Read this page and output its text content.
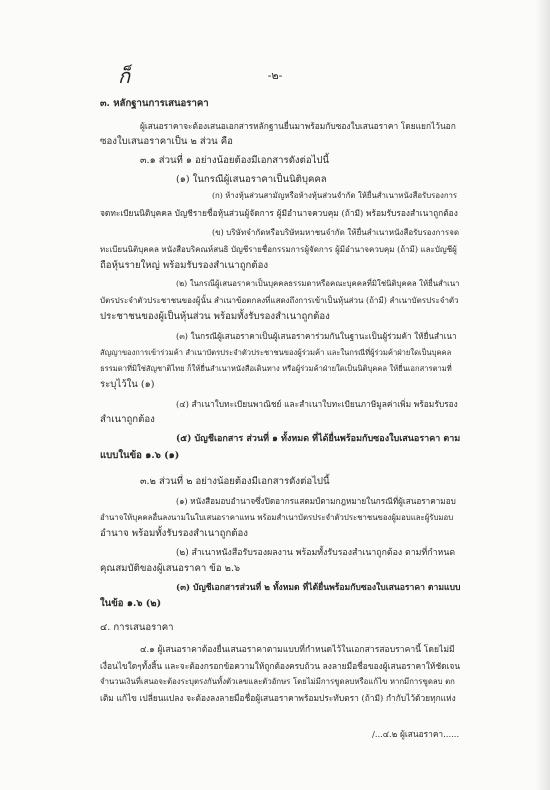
ก็	-๒-
๓. หลักฐานการเสนอราคา
ผู้เสนอราคาจะต้องเสนอเอกสารหลักฐานยื่นมาพร้อมกับซองใบเสนอราคา โดยแยกไว้นอก
ซองใบเสนอราคาเป็น ๒ ส่วน คือ
๓.๑ ส่วนที่ ๑ อย่างน้อยต้องมีเอกสารดังต่อไปนี้
(๑) ในกรณีผู้เสนอราคาเป็นนิติบุคคล
(ก) ห้างหุ้นส่วนสามัญหรือห้างหุ้นส่วนจำกัด ให้ยื่นสำเนาหนังสือรับรองการ
จดทะเบียนนิติบุคคล บัญชีรายชื่อหุ้นส่วนผู้จัดการ ผู้มีอำนาจควบคุม (ถ้ามี) พร้อมรับรองสำเนาถูกต้อง
(ข) บริษัทจำกัดหรือบริษัทมหาชนจำกัด ให้ยื่นสำเนาหนังสือรับรองการจด
ทะเบียนนิติบุคคล หนังสือบริคณห์สนธิ บัญชีรายชื่อกรรมการผู้จัดการ ผู้มีอำนาจควบคุม (ถ้ามี) และบัญชีผู้
ถือหุ้นรายใหญ่ พร้อมรับรองสำเนาถูกต้อง
(๒) ในกรณีผู้เสนอราคาเป็นบุคคลธรรมดาหรือคณะบุคคลที่มิใช่นิติบุคคล ให้ยื่นสำเนา
บัตรประจำตัวประชาชนของผู้นั้น สำเนาข้อตกลงที่แสดงถึงการเข้าเป็นหุ้นส่วน (ถ้ามี) สำเนาบัตรประจำตัว
ประชาชนของผู้เป็นหุ้นส่วน พร้อมทั้งรับรองสำเนาถูกต้อง
(๓) ในกรณีผู้เสนอราคาเป็นผู้เสนอราคาร่วมกันในฐานะเป็นผู้ร่วมค้า ให้ยื่นสำเนา
สัญญาของการเข้าร่วมค้า สำเนาบัตรประจำตัวประชาชนของผู้ร่วมค้า และในกรณีที่ผู้ร่วมค้าฝ่ายใดเป็นบุคคล
ธรรมดาที่มิใช่สัญชาติไทย ก็ให้ยื่นสำเนาหนังสือเดินทาง หรือผู้ร่วมค้าฝ่ายใดเป็นนิติบุคคล ให้ยื่นเอกสารตามที่
ระบุไว้ใน (๑)
(๔) สำเนาใบทะเบียนพาณิชย์ และสำเนาใบทะเบียนภาษีมูลค่าเพิ่ม พร้อมรับรอง
สำเนาถูกต้อง
(๕) บัญชีเอกสาร ส่วนที่ ๑ ทั้งหมด ที่ได้ยื่นพร้อมกับซองใบเสนอราคา ตาม
แบบในข้อ ๑.๖ (๑)
๓.๒ ส่วนที่ ๒ อย่างน้อยต้องมีเอกสารดังต่อไปนี้
(๑) หนังสือมอบอำนาจซึ่งปิดอากรแสตมป์ตามกฎหมายในกรณีที่ผู้เสนอราคามอบ
อำนาจให้บุคคลอื่นลงนามในใบเสนอราคาแทน พร้อมสำเนาบัตรประจำตัวประชาชนของผู้มอบและผู้รับมอบ
อำนาจ พร้อมทั้งรับรองสำเนาถูกต้อง
(๒) สำเนาหนังสือรับรองผลงาน พร้อมทั้งรับรองสำเนาถูกต้อง ตามที่กำหนด
คุณสมบัติของผู้เสนอราคา ข้อ ๒.๖
(๓) บัญชีเอกสารส่วนที่ ๒ ทั้งหมด ที่ได้ยื่นพร้อมกับซองใบเสนอราคา ตามแบบ
ในข้อ ๑.๖ (๒)
๔. การเสนอราคา
๔.๑ ผู้เสนอราคาต้องยื่นเสนอราคาตามแบบที่กำหนดไว้ในเอกสารสอบราคานี้ โดยไม่มี
เงื่อนไขใดๆทั้งสิ้น และจะต้องกรอกข้อความให้ถูกต้องครบถ้วน ลงลายมือชื่อของผู้เสนอราคาให้ชัดเจน
จำนวนเงินที่เสนอจะต้องระบุตรงกันทั้งตัวเลขและตัวอักษร โดยไม่มีการขูดลบหรือแก้ไข หากมีการขูดลบ ตก
เติม แก้ไข เปลี่ยนแปลง จะต้องลงลายมือชื่อผู้เสนอราคาพร้อมประทับตรา (ถ้ามี) กำกับไว้ด้วยทุกแห่ง
/...๔.๒ ผู้เสนอราคา......
